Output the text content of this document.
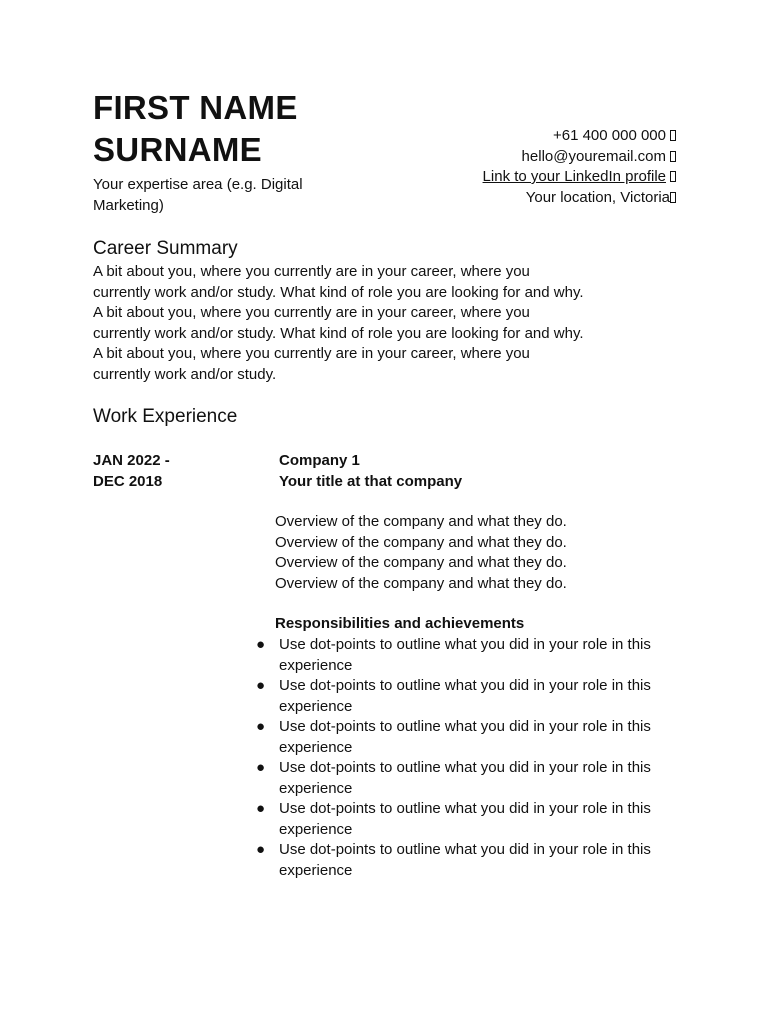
FIRST NAME
SURNAME
Your expertise area (e.g. Digital Marketing)
+61 400 000 000
hello@youremail.com
Link to your LinkedIn profile
Your location, Victoria
Career Summary

A bit about you, where you currently are in your career, where you
currently work and/or study. What kind of role you are looking for and why.
A bit about you, where you currently are in your career, where you
currently work and/or study. What kind of role you are looking for and why.
A bit about you, where you currently are in your career, where you
currently work and/or study.

Work Experience
JAN 2022 -
DEC 2018
Company 1
Your title at that company
Overview of the company and what they do.
Overview of the company and what they do.
Overview of the company and what they do.
Overview of the company and what they do.
Responsibilities and achievements
● Use dot-points to outline what you did in your role in this experience
● Use dot-points to outline what you did in your role in this experience
● Use dot-points to outline what you did in your role in this experience
● Use dot-points to outline what you did in your role in this experience
● Use dot-points to outline what you did in your role in this experience
● Use dot-points to outline what you did in your role in this experience
